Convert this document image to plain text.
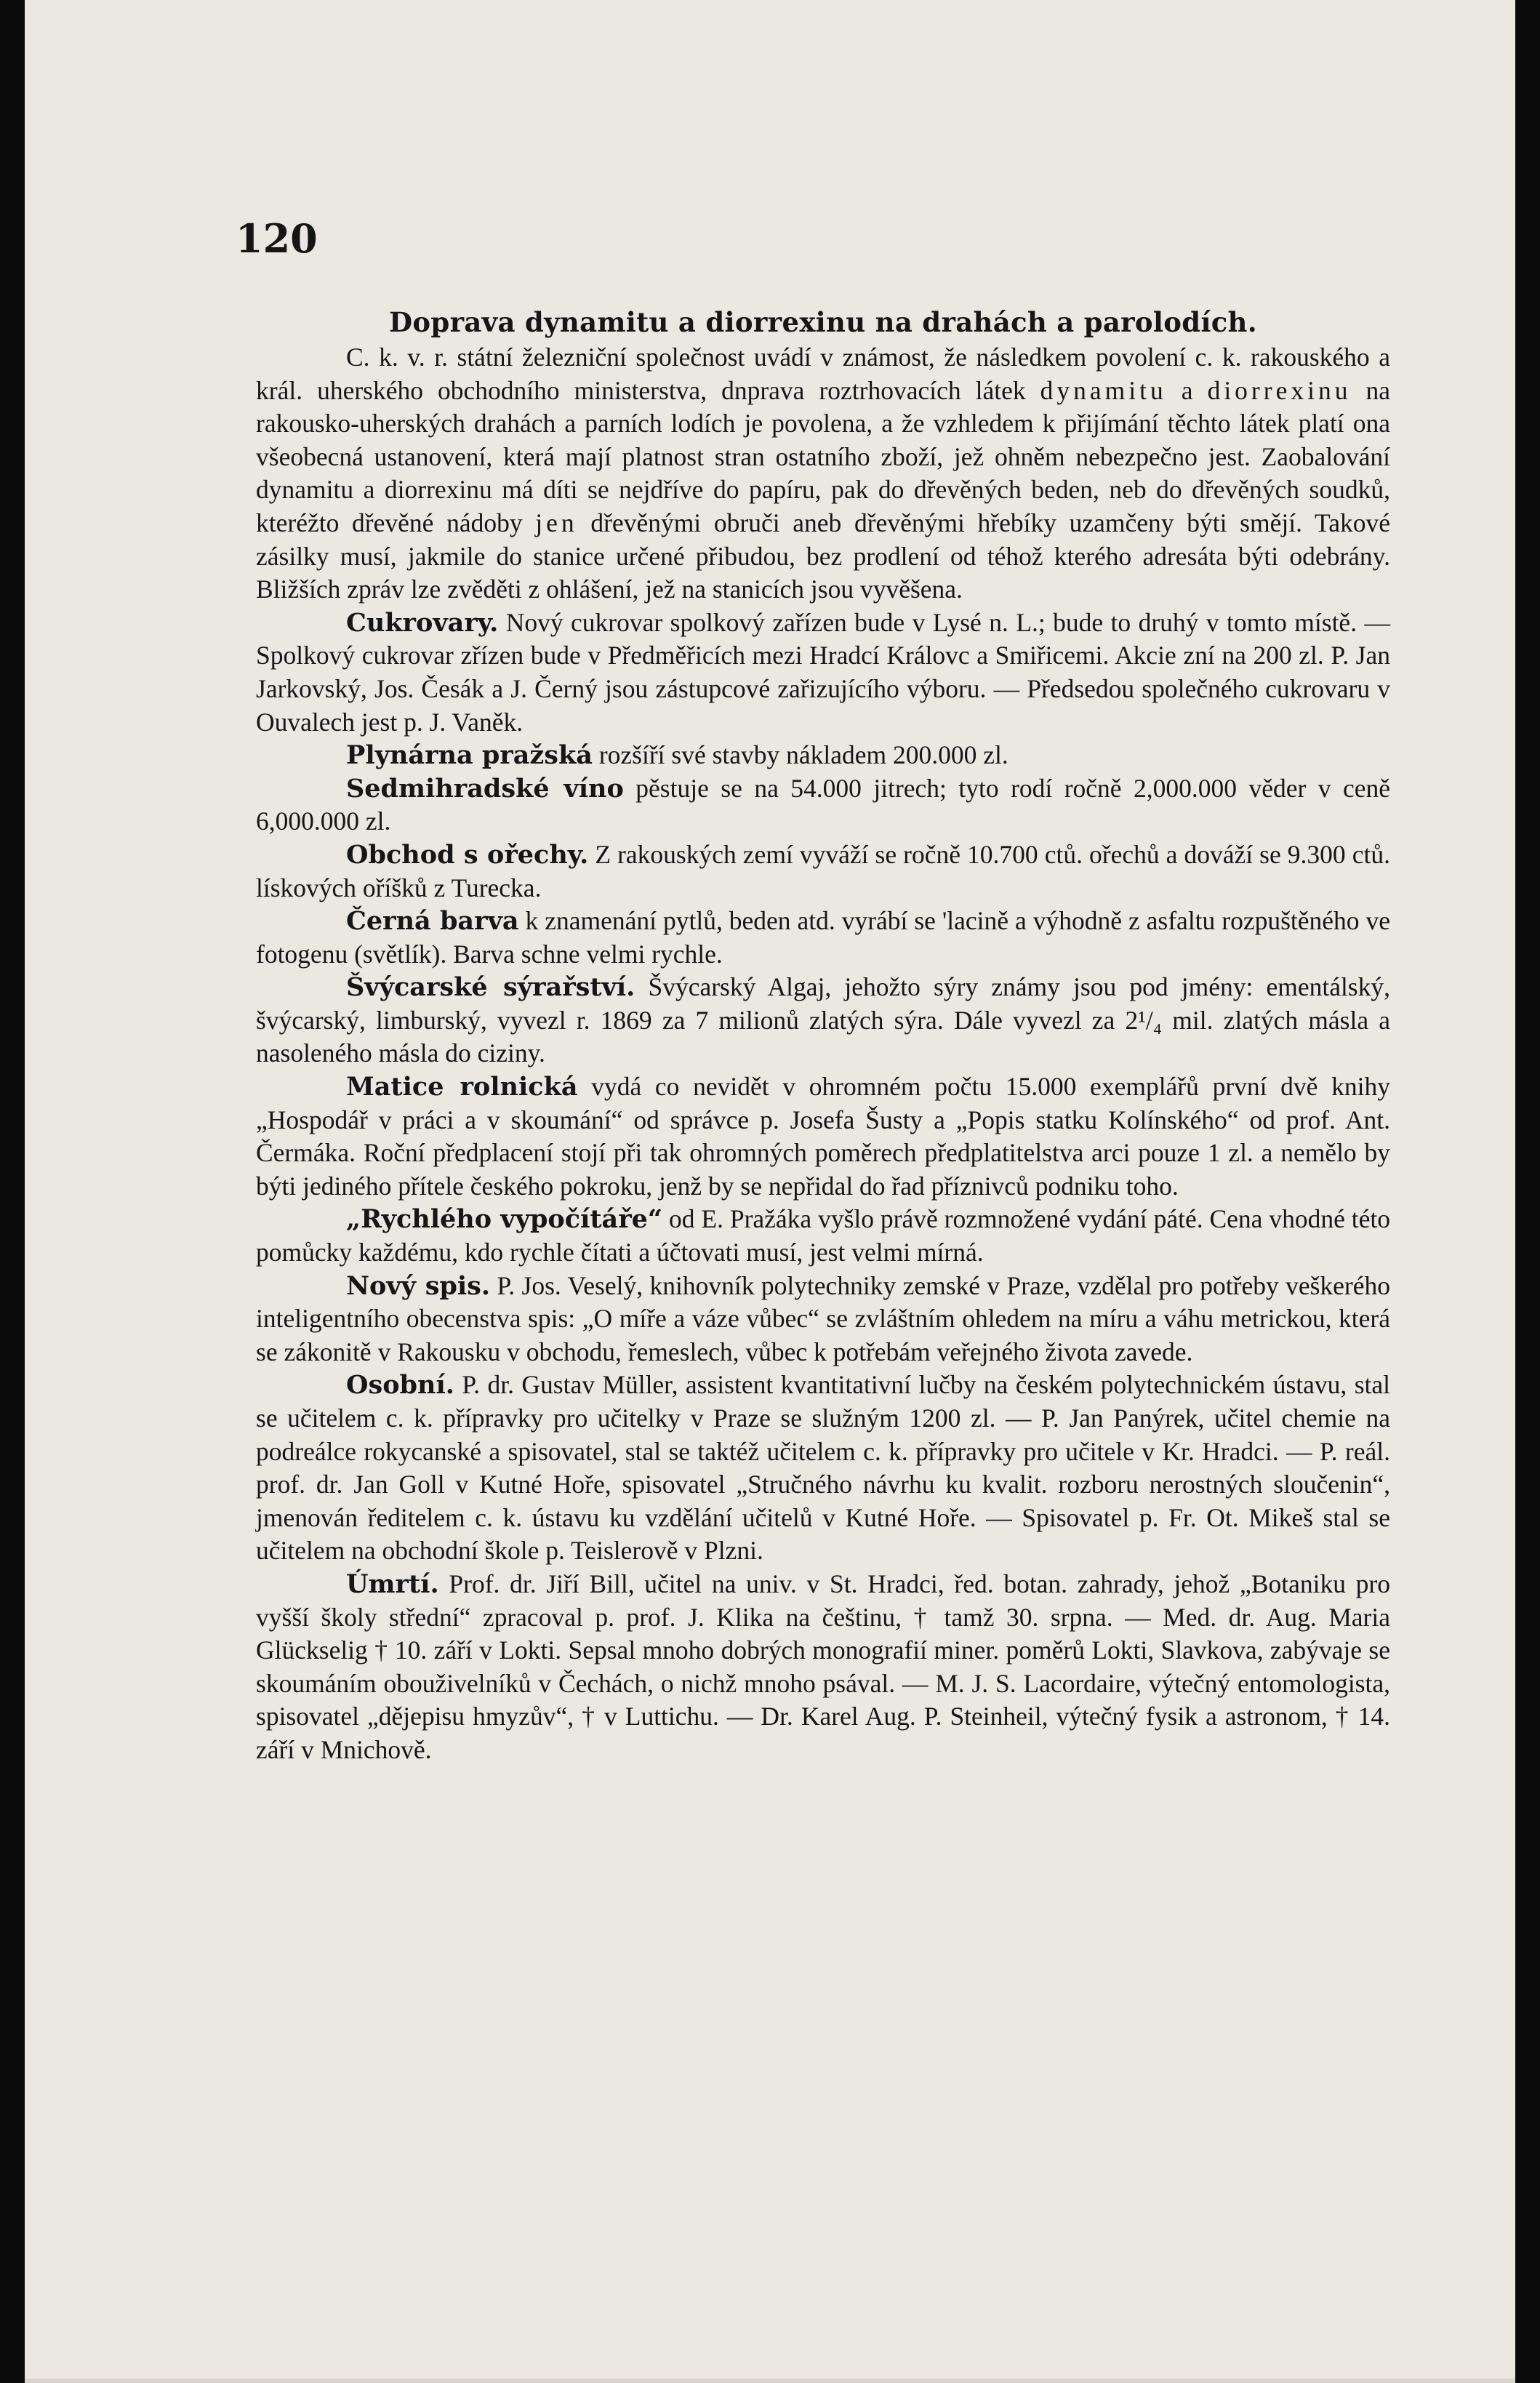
120
Doprava dynamitu a diorrexinu na drahách a parolodích.

C. k. v. r. státní železniční společnost uvádí v známost, že následkem povolení c. k. rakouského a král. uherského obchodního ministerstva, dnprava roztrhovacích látek dynamitu a diorrexinu na rakousko-uherských drahách a parních lodích je povolena, a že vzhledem k přijímání těchto látek platí ona všeobecná ustanovení, která mají platnost stran ostatního zboží, jež ohněm nebezpečno jest. Zaobalování dynamitu a diorrexinu má díti se nejdříve do papíru, pak do dřevěných beden, neb do dřevěných soudků, kteréžto dřevěné nádoby jen dřevěnými obruči aneb dřevěnými hřebíky uzamčeny býti smějí. Takové zásilky musí, jakmile do stanice určené přibudou, bez prodlení od téhož kterého adresáta býti odebrány. Bližších zpráv lze zvěděti z ohlášení, jež na stanicích jsou vyvěšena.

Cukrovary. Nový cukrovar spolkový zařízen bude v Lysé n. L.; bude to druhý v tomto místě. — Spolkový cukrovar zřízen bude v Předměřicích mezi Hradcí Královc a Smiřicemi. Akcie zní na 200 zl. P. Jan Jarkovský, Jos. Česák a J. Černý jsou zástupcové zařizujícího výboru. — Předsedou společného cukrovaru v Ouvalech jest p. J. Vaněk.

Plynárna pražská rozšíří své stavby nákladem 200.000 zl.

Sedmihradské víno pěstuje se na 54.000 jitrech; tyto rodí ročně 2,000.000 věder v ceně 6,000.000 zl.

Obchod s ořechy. Z rakouských zemí vyváží se ročně 10.700 ctů. ořechů a dováží se 9.300 ctů. lískových oříšků z Turecka.

Černá barva k znamenání pytlů, beden atd. vyrábí se 'lacině a výhodně z asfaltu rozpuštěného ve fotogenu (světlík). Barva schne velmi rychle.

Švýcarské sýrařství. Švýcarský Algaj, jehožto sýry známy jsou pod jmény: ementálský, švýcarský, limburský, vyvezl r. 1869 za 7 milionů zlatých sýra. Dále vyvezl za 2¹/₄ mil. zlatých másla a nasoleného másla do ciziny.

Matice rolnická vydá co nevidět v ohromném počtu 15.000 exemplářů první dvě knihy „Hospodář v práci a v skoumání“ od správce p. Josefa Šusty a „Popis statku Kolínského“ od prof. Ant. Čermáka. Roční předplacení stojí při tak ohromných poměrech předplatitelstva arci pouze 1 zl. a nemělo by býti jediného přítele českého pokroku, jenž by se nepřidal do řad příznivců podniku toho.

„Rychlého vypočítáře“ od E. Pražáka vyšlo právě rozmnožené vydání páté. Cena vhodné této pomůcky každému, kdo rychle čítati a účtovati musí, jest velmi mírná.

Nový spis. P. Jos. Veselý, knihovník polytechniky zemské v Praze, vzdělal pro potřeby veškerého inteligentního obecenstva spis: „O míře a váze vůbec“ se zvláštním ohledem na míru a váhu metrickou, která se zákonitě v Rakousku v obchodu, řemeslech, vůbec k potřebám veřejného života zavede.

Osobní. P. dr. Gustav Müller, assistent kvantitativní lučby na českém polytechnickém ústavu, stal se učitelem c. k. přípravky pro učitelky v Praze se služným 1200 zl. — P. Jan Panýrek, učitel chemie na podreálce rokycanské a spisovatel, stal se taktéž učitelem c. k. přípravky pro učitele v Kr. Hradci. — P. reál. prof. dr. Jan Goll v Kutné Hoře, spisovatel „Stručného návrhu ku kvalit. rozboru nerostných sloučenin“, jmenován ředitelem c. k. ústavu ku vzdělání učitelů v Kutné Hoře. — Spisovatel p. Fr. Ot. Mikeš stal se učitelem na obchodní škole p. Teislerově v Plzni.

Úmrtí. Prof. dr. Jiří Bill, učitel na univ. v St. Hradci, řed. botan. zahrady, jehož „Botaniku pro vyšší školy střední“ zpracoval p. prof. J. Klika na češtinu, † tamž 30. srpna. — Med. dr. Aug. Maria Glückselig † 10. září v Lokti. Sepsal mnoho dobrých monografií miner. poměrů Lokti, Slavkova, zabývaje se skoumáním obouživelníků v Čechách, o nichž mnoho psával. — M. J. S. Lacordaire, výtečný entomologista, spisovatel „dějepisu hmyzův“, † v Luttichu. — Dr. Karel Aug. P. Steinheil, výtečný fysik a astronom, † 14. září v Mnichově.
